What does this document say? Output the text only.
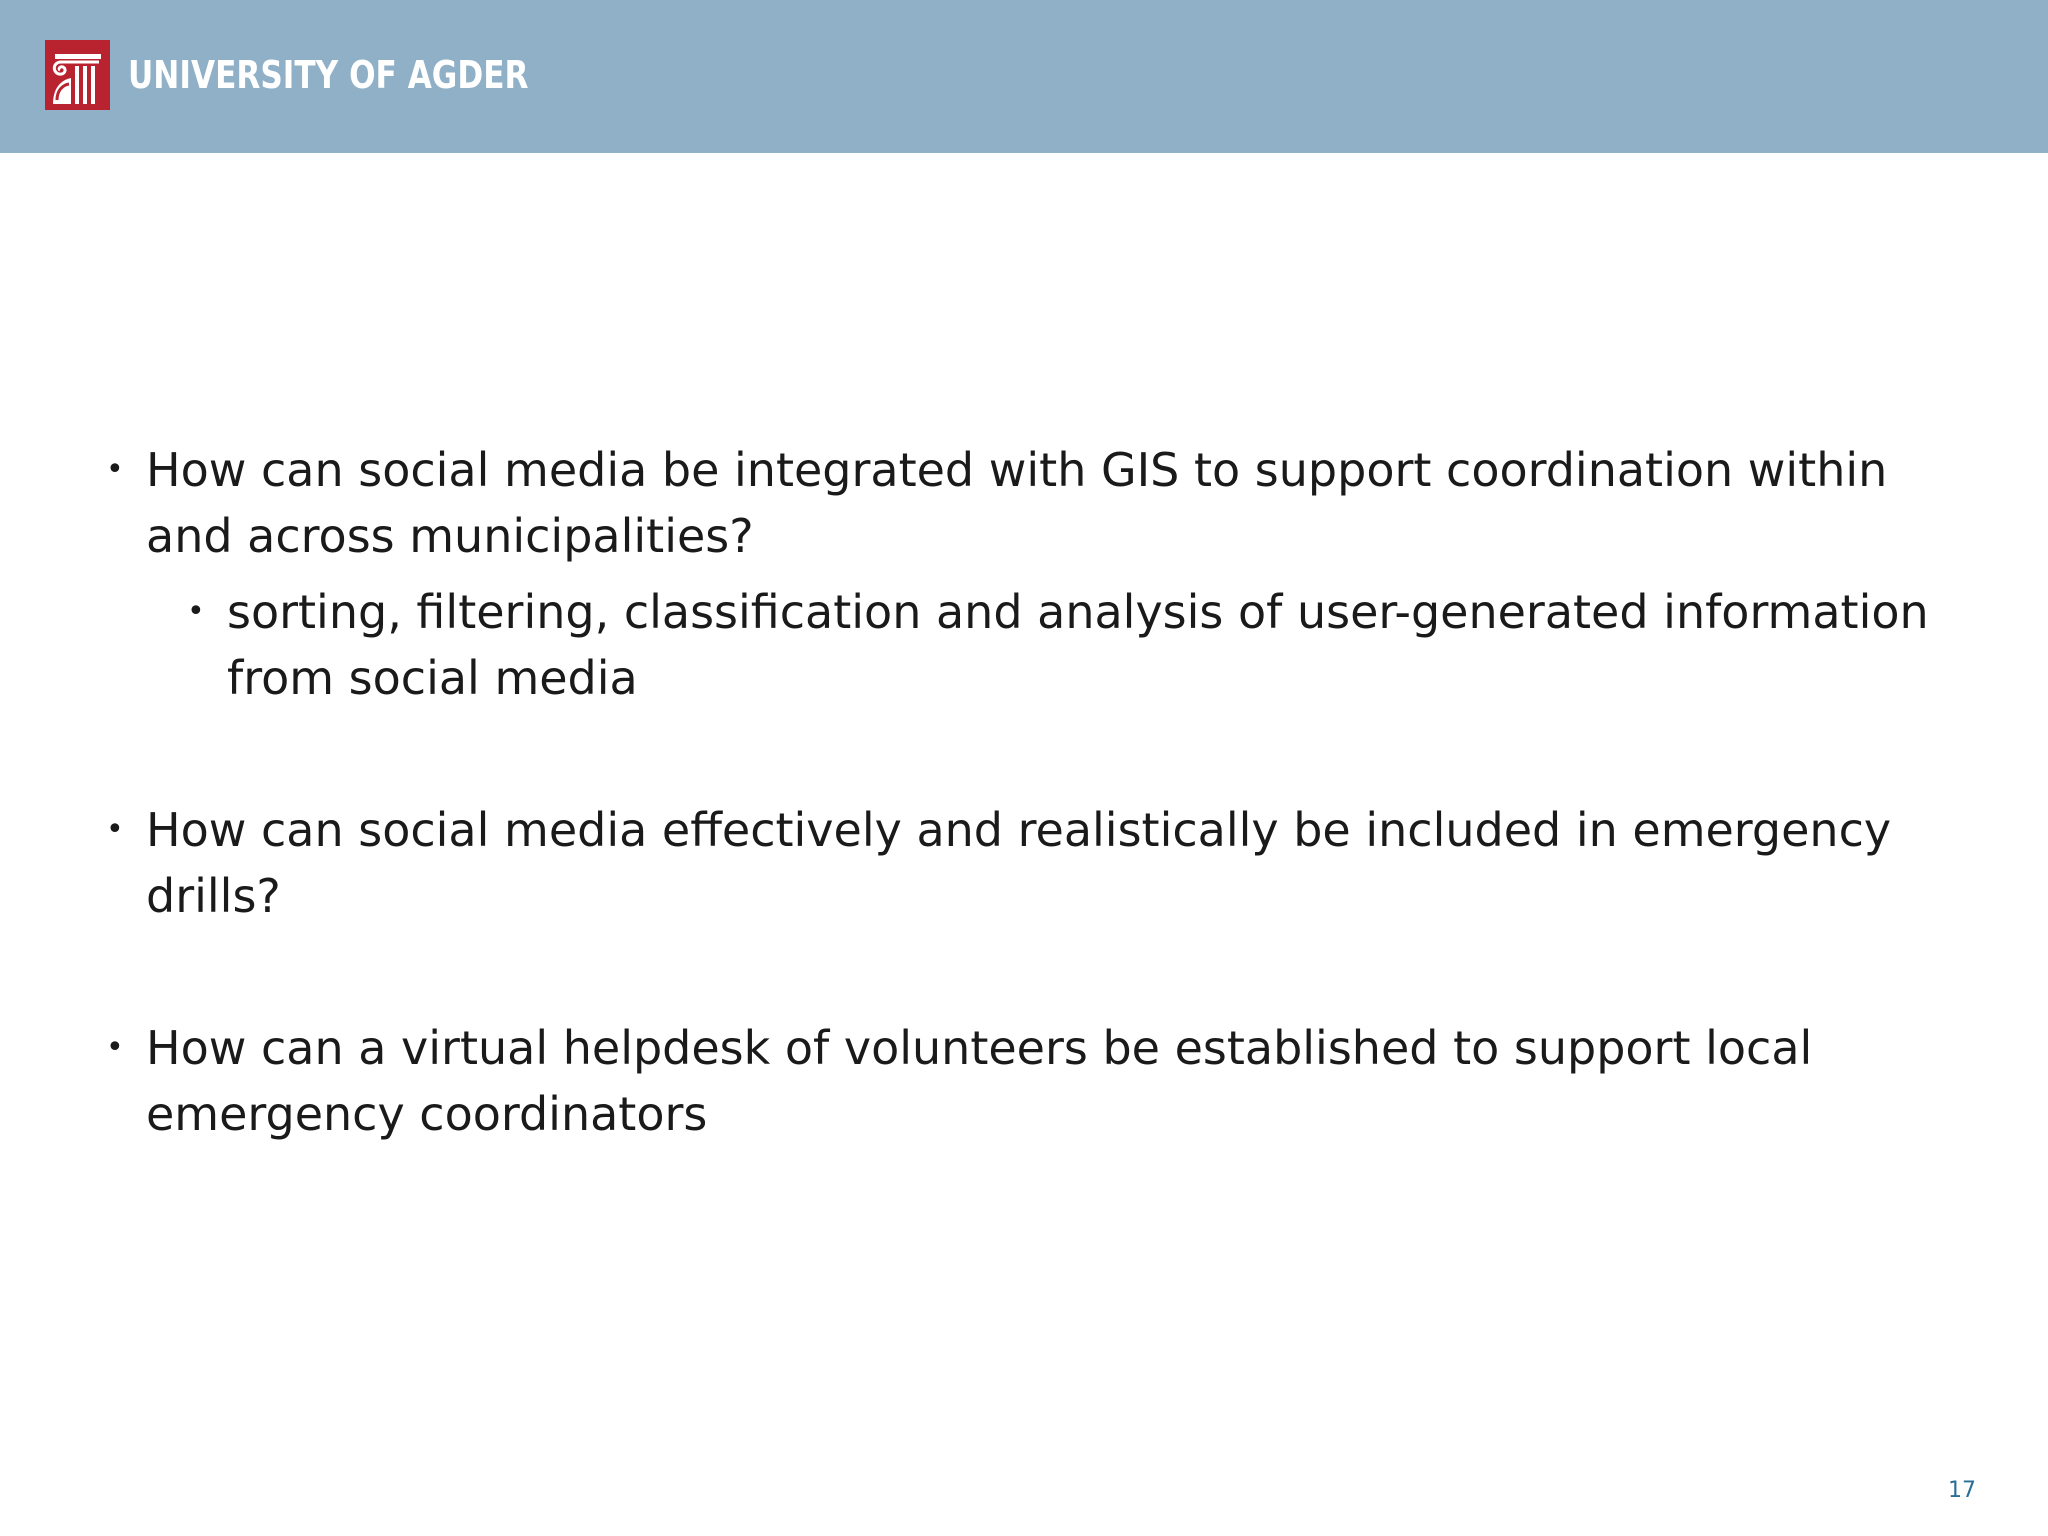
UNIVERSITY OF AGDER
• How can social media be integrated with GIS to support coordination within and across municipalities?
• sorting, filtering, classification and analysis of user-generated information from social media
• How can social media effectively and realistically be included in emergency drills?
• How can a virtual helpdesk of volunteers be established to support local emergency coordinators
17
